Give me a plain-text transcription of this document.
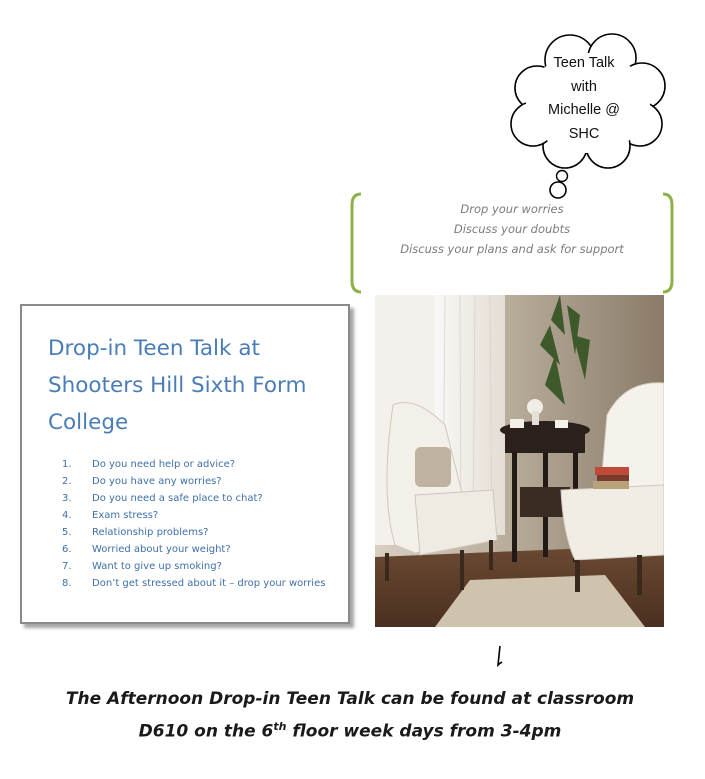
Teen Talk
with
Michelle @
SHC
Drop your worries
Discuss your doubts
Discuss your plans and ask for support
Drop-in Teen Talk at Shooters Hill Sixth Form College
1. Do you need help or advice?
2. Do you have any worries?
3. Do you need a safe place to chat?
4. Exam stress?
5. Relationship problems?
6. Worried about your weight?
7. Want to give up smoking?
8. Don’t get stressed about it – drop your worries
The Afternoon Drop-in Teen Talk can be found at classroom
D610 on the 6th floor week days from 3-4pm
